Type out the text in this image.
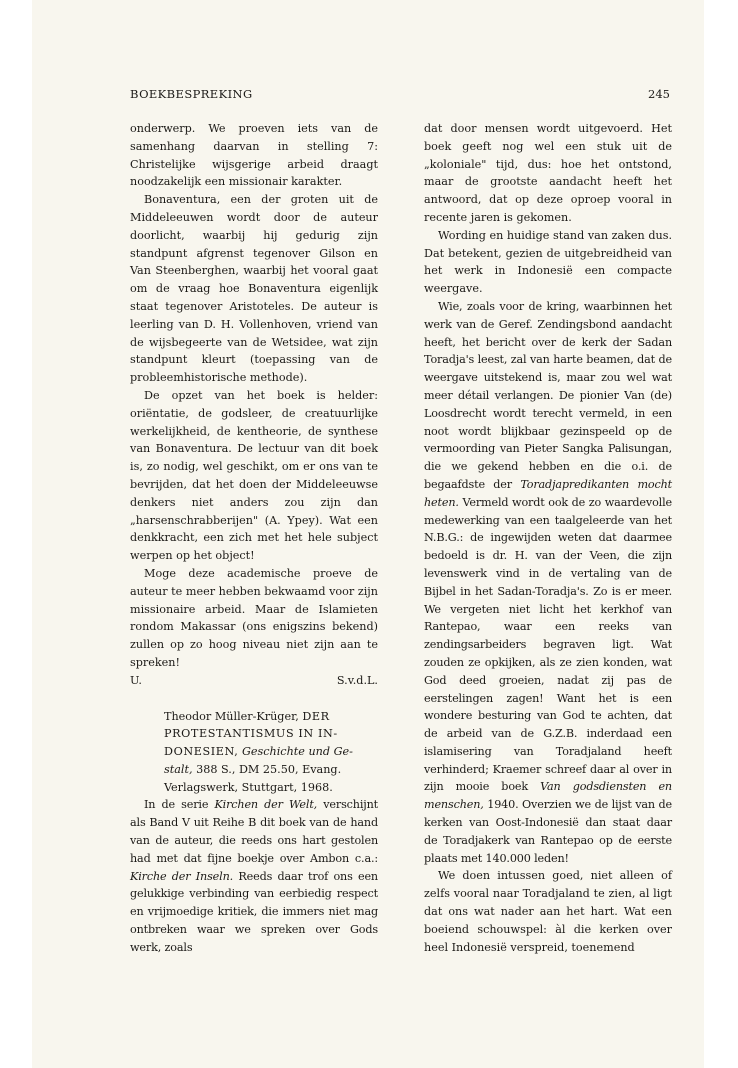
BOEKBESPREKING	245

onderwerp. We proeven iets van de samenhang daarvan in stelling 7: Christelijke wijsgerige arbeid draagt noodzakelijk een missionair karakter.

Bonaventura, een der groten uit de Middeleeuwen wordt door de auteur doorlicht, waarbij hij gedurig zijn standpunt afgrenst tegenover Gilson en Van Steenberghen, waarbij het vooral gaat om de vraag hoe Bonaventura eigenlijk staat tegenover Aristoteles. De auteur is leerling van D. H. Vollenhoven, vriend van de wijsbegeerte van de Wetsidee, wat zijn standpunt kleurt (toepassing van de probleemhistorische methode).

De opzet van het boek is helder: oriëntatie, de godsleer, de creatuurlijke werkelijkheid, de kentheorie, de synthese van Bonaventura. De lectuur van dit boek is, zo nodig, wel geschikt, om er ons van te bevrijden, dat het doen der Middeleeuwse denkers niet anders zou zijn dan „harsenschrabberijen" (A. Ypey). Wat een denkkracht, een zich met het hele subject werpen op het object!

Moge deze academische proeve de auteur te meer hebben bekwaamd voor zijn missionaire arbeid. Maar de Islamieten rondom Makassar (ons enigszins bekend) zullen op zo hoog niveau niet zijn aan te spreken!

U.	S.v.d.L.

Theodor Müller-Krüger, DER
PROTESTANTISMUS IN IN-
DONESIEN, Geschichte und Ge-
stalt, 388 S., DM 25.50, Evang.
Verlagswerk, Stuttgart, 1968.

In de serie Kirchen der Welt, verschijnt als Band V uit Reihe B dit boek van de hand van de auteur, die reeds ons hart gestolen had met dat fijne boekje over Ambon c.a.: Kirche der Inseln. Reeds daar trof ons een gelukkige verbinding van eerbiedig respect en vrijmoedige kritiek, die immers niet mag ontbreken waar we spreken over Gods werk, zoals

dat door mensen wordt uitgevoerd. Het boek geeft nog wel een stuk uit de „koloniale" tijd, dus: hoe het ontstond, maar de grootste aandacht heeft het antwoord, dat op deze oproep vooral in recente jaren is gekomen.

Wording en huidige stand van zaken dus. Dat betekent, gezien de uitgebreidheid van het werk in Indonesië een compacte weergave.

Wie, zoals voor de kring, waarbinnen het werk van de Geref. Zendingsbond aandacht heeft, het bericht over de kerk der Sadan Toradja's leest, zal van harte beamen, dat de weergave uitstekend is, maar zou wel wat meer détail verlangen. De pionier Van (de) Loosdrecht wordt terecht vermeld, in een noot wordt blijkbaar gezinspeeld op de vermoording van Pieter Sangka Palisungan, die we gekend hebben en die o.i. de begaafdste der Toradjapredikanten mocht heten. Vermeld wordt ook de zo waardevolle medewerking van een taalgeleerde van het N.B.G.: de ingewijden weten dat daarmee bedoeld is dr. H. van der Veen, die zijn levenswerk vind in de vertaling van de Bijbel in het Sadan-Toradja's. Zo is er meer. We vergeten niet licht het kerkhof van Rantepao, waar een reeks van zendingsarbeiders begraven ligt. Wat zouden ze opkijken, als ze zien konden, wat God deed groeien, nadat zij pas de eerstelingen zagen! Want het is een wondere besturing van God te achten, dat de arbeid van de G.Z.B. inderdaad een islamisering van Toradjaland heeft verhinderd; Kraemer schreef daar al over in zijn mooie boek Van godsdiensten en menschen, 1940. Overzien we de lijst van de kerken van Oost-Indonesië dan staat daar de Toradjakerk van Rantepao op de eerste plaats met 140.000 leden!

We doen intussen goed, niet alleen of zelfs vooral naar Toradjaland te zien, al ligt dat ons wat nader aan het hart. Wat een boeiend schouwspel: àl die kerken over heel Indonesië verspreid, toenemend
